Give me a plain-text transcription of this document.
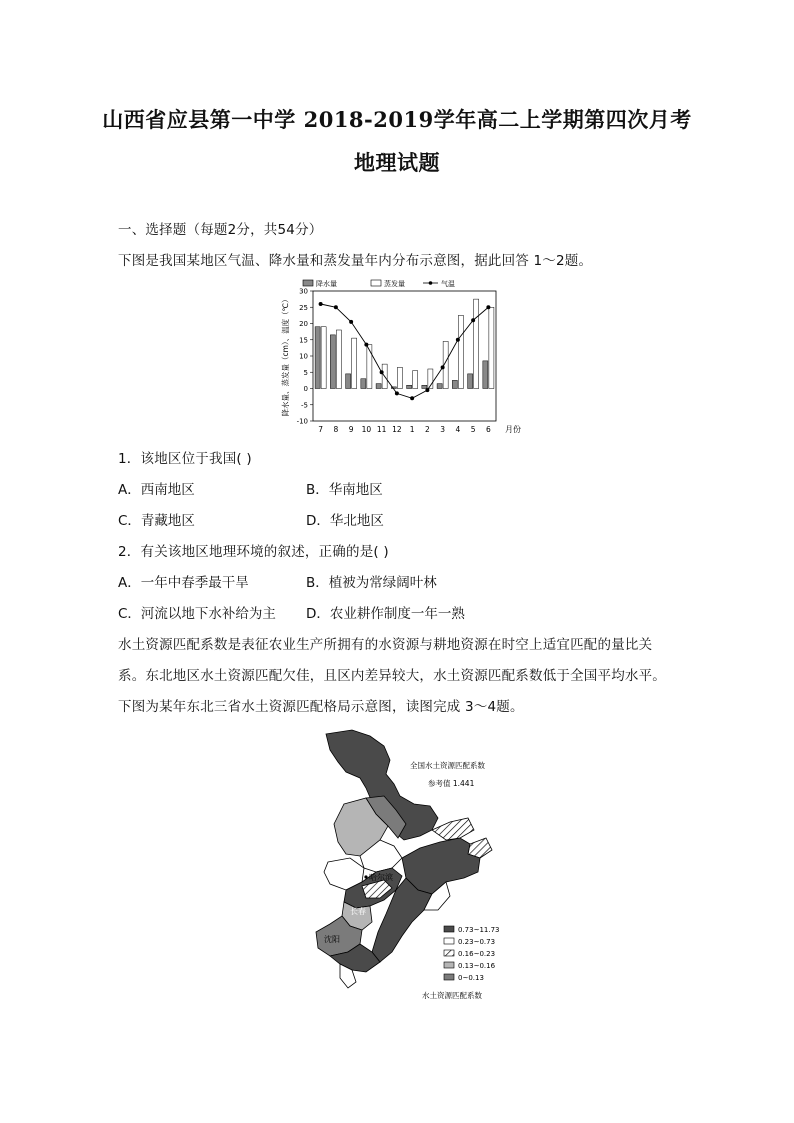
山西省应县第一中学 2018-2019学年高二上学期第四次月考
地理试题
一、选择题（每题2分，共54分）
下图是我国某地区气温、降水量和蒸发量年内分布示意图，据此回答 1～2题。
降水量	蒸发量	气温
降水量、蒸发量（cm）、温度（℃）
30
25
20
15
10
5
0
-5
-10
7 8 9 10 11 12 1 2 3 4 5 6 月份
1．该地区位于我国( )
A．西南地区	B．华南地区
C．青藏地区	D．华北地区
2．有关该地区地理环境的叙述，正确的是( )
A．一年中春季最干旱	B．植被为常绿阔叶林
C．河流以地下水补给为主 D．农业耕作制度一年一熟
水土资源匹配系数是表征农业生产所拥有的水资源与耕地资源在时空上适宜匹配的量比关
系。东北地区水土资源匹配欠佳，且区内差异较大，水土资源匹配系数低于全国平均水平。
下图为某年东北三省水土资源匹配格局示意图，读图完成 3～4题。
哈尔滨
长春
沈阳
全国水土资源匹配系数
参考值 1.441
0.73~11.73
0.23~0.73
0.16~0.23
0.13~0.16
0~0.13
水土资源匹配系数
